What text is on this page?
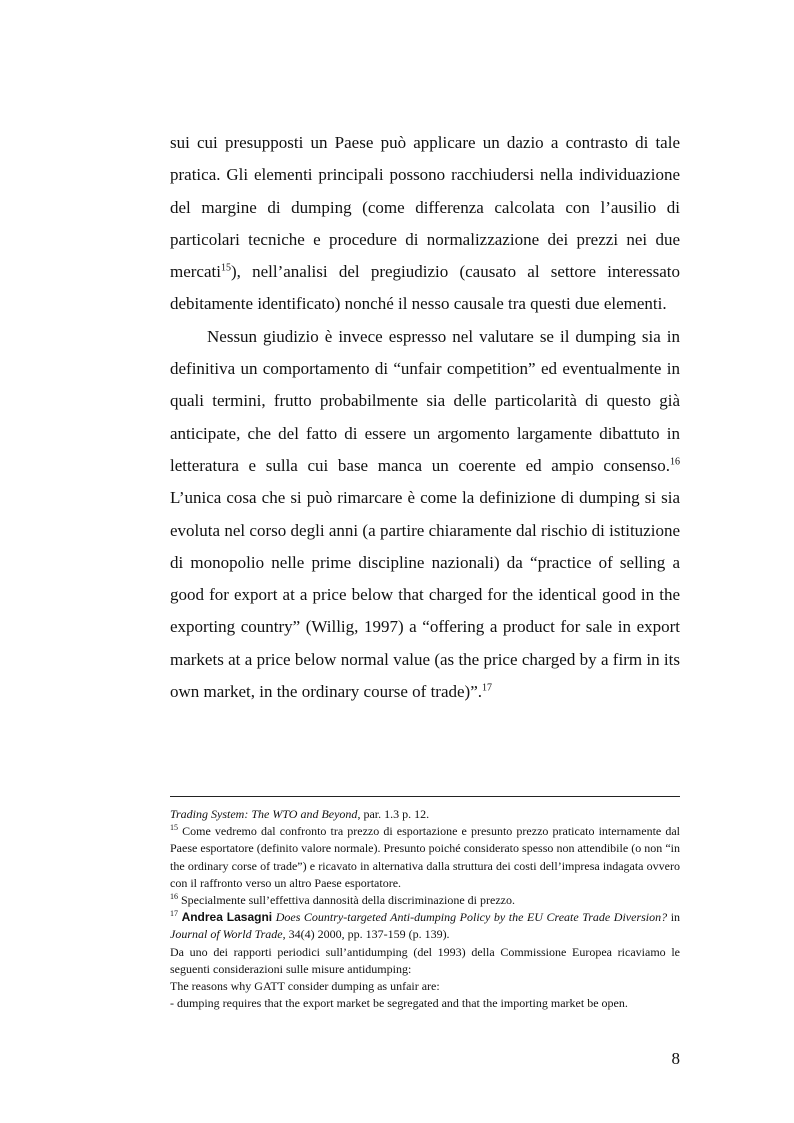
sui cui presupposti un Paese può applicare un dazio a contrasto di tale pratica. Gli elementi principali possono racchiudersi nella individuazione del margine di dumping (come differenza calcolata con l’ausilio di particolari tecniche e procedure di normalizzazione dei prezzi nei due mercati$^{15}$), nell’analisi del pregiudizio (causato al settore interessato debitamente identificato) nonché il nesso causale tra questi due elementi.

Nessun giudizio è invece espresso nel valutare se il dumping sia in definitiva un comportamento di “unfair competition” ed eventualmente in quali termini, frutto probabilmente sia delle particolarità di questo già anticipate, che del fatto di essere un argomento largamente dibattuto in letteratura e sulla cui base manca un coerente ed ampio consenso.$^{16}$ L’unica cosa che si può rimarcare è come la definizione di dumping si sia evoluta nel corso degli anni (a partire chiaramente dal rischio di istituzione di monopolio nelle prime discipline nazionali) da “practice of selling a good for export at a price below that charged for the identical good in the exporting country” (Willig, 1997) a “offering a product for sale in export markets at a price below normal value (as the price charged by a firm in its own market, in the ordinary course of trade)”.$^{17}$

Trading System: The WTO and Beyond, par. 1.3 p. 12.

$^{15}$ Come vedremo dal confronto tra prezzo di esportazione e presunto prezzo praticato internamente dal Paese esportatore (definito valore normale). Presunto poiché considerato spesso non attendibile (o non “in the ordinary corse of trade”) e ricavato in alternativa dalla struttura dei costi dell’impresa indagata ovvero con il raffronto verso un altro Paese esportatore.

$^{16}$ Specialmente sull’effettiva dannosità della discriminazione di prezzo.

$^{17}$ Andrea Lasagni Does Country-targeted Anti-dumping Policy by the EU Create Trade Diversion? in Journal of World Trade, 34(4) 2000, pp. 137-159 (p. 139).

Da uno dei rapporti periodici sull’antidumping (del 1993) della Commissione Europea ricaviamo le seguenti considerazioni sulle misure antidumping:

The reasons why GATT consider dumping as unfair are:

- dumping requires that the export market be segregated and that the importing market be open.

8
